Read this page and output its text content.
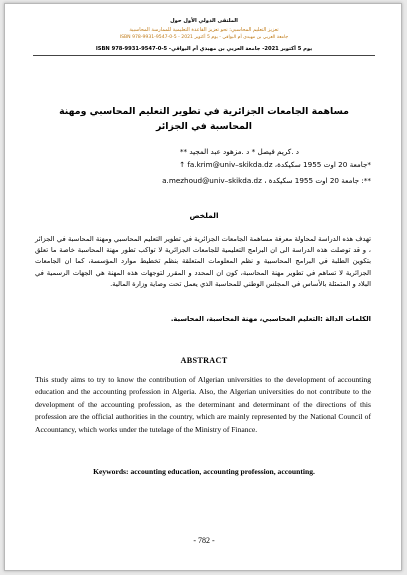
الملتقى الدولي الأول حول
تعزيز التعليم المحاسبي: نحو تعزيز القاعدة التعليمية للممارسة المحاسبية
ISBN 978-9931-9547-0-5 - جامعة العربي بن مهيدي أم البواقي - يوم 5 أكتوبر 2021
يوم 5 أكتوبر 2021- جامعة العربي بن مهيدي أم البواقي- ISBN 978-9931-9547-0-5
مساهمة الجامعات الجزائرية في تطوير التعليم المحاسبي ومهنة المحاسبة في الجزائر
د .كريم فيصل * د .مزهود عبد المجيد **
*جامعة 20 اوت 1955 سكيكدة، fa.krim@univ–skikda.dz ↑
**: جامعة 20 اوت 1955 سكيكدة ، a.mezhoud@univ–skikda.dz
الملخص

تهدف هذه الدراسة لمحاولة معرفة مساهمة الجامعات الجزائرية في تطوير التعليم المحاسبي ومهنة المحاسبة في الجزائر ، و قد توصلت هذه الدراسة الى ان البرامج التعليمية للجامعات الجزائرية لا تواكب تطور مهنة المحاسبة خاصة ما تعلق بتكوين الطلبة في البرامج المحاسبية و نظم المعلومات المتعلقة بنظم تخطيط موارد المؤسسة، كما ان الجامعات الجزائرية لا تساهم في تطوير مهنة المحاسبة، كون ان المحدد و المقرر لتوجهات هذه المهنة هي الجهات الرسمية في البلاد و المتمثلة بالأساس في المجلس الوطني للمحاسبة الذي يعمل تحت وصاية وزارة المالية.

الكلمات الدالة :التعليم المحاسبي، مهنة المحاسبة، المحاسبة.
ABSTRACT
This study aims to try to know the contribution of Algerian universities to the development of accounting education and the accounting profession in Algeria. Also, the Algerian universities do not contribute to the development of the accounting profession, as the determinant and determinant of the directions of this profession are the official authorities in the country, which are mainly represented by the National Council of Accountancy, which works under the tutelage of the Ministry of Finance.
Keywords: accounting education, accounting profession, accounting.
- 782 -
